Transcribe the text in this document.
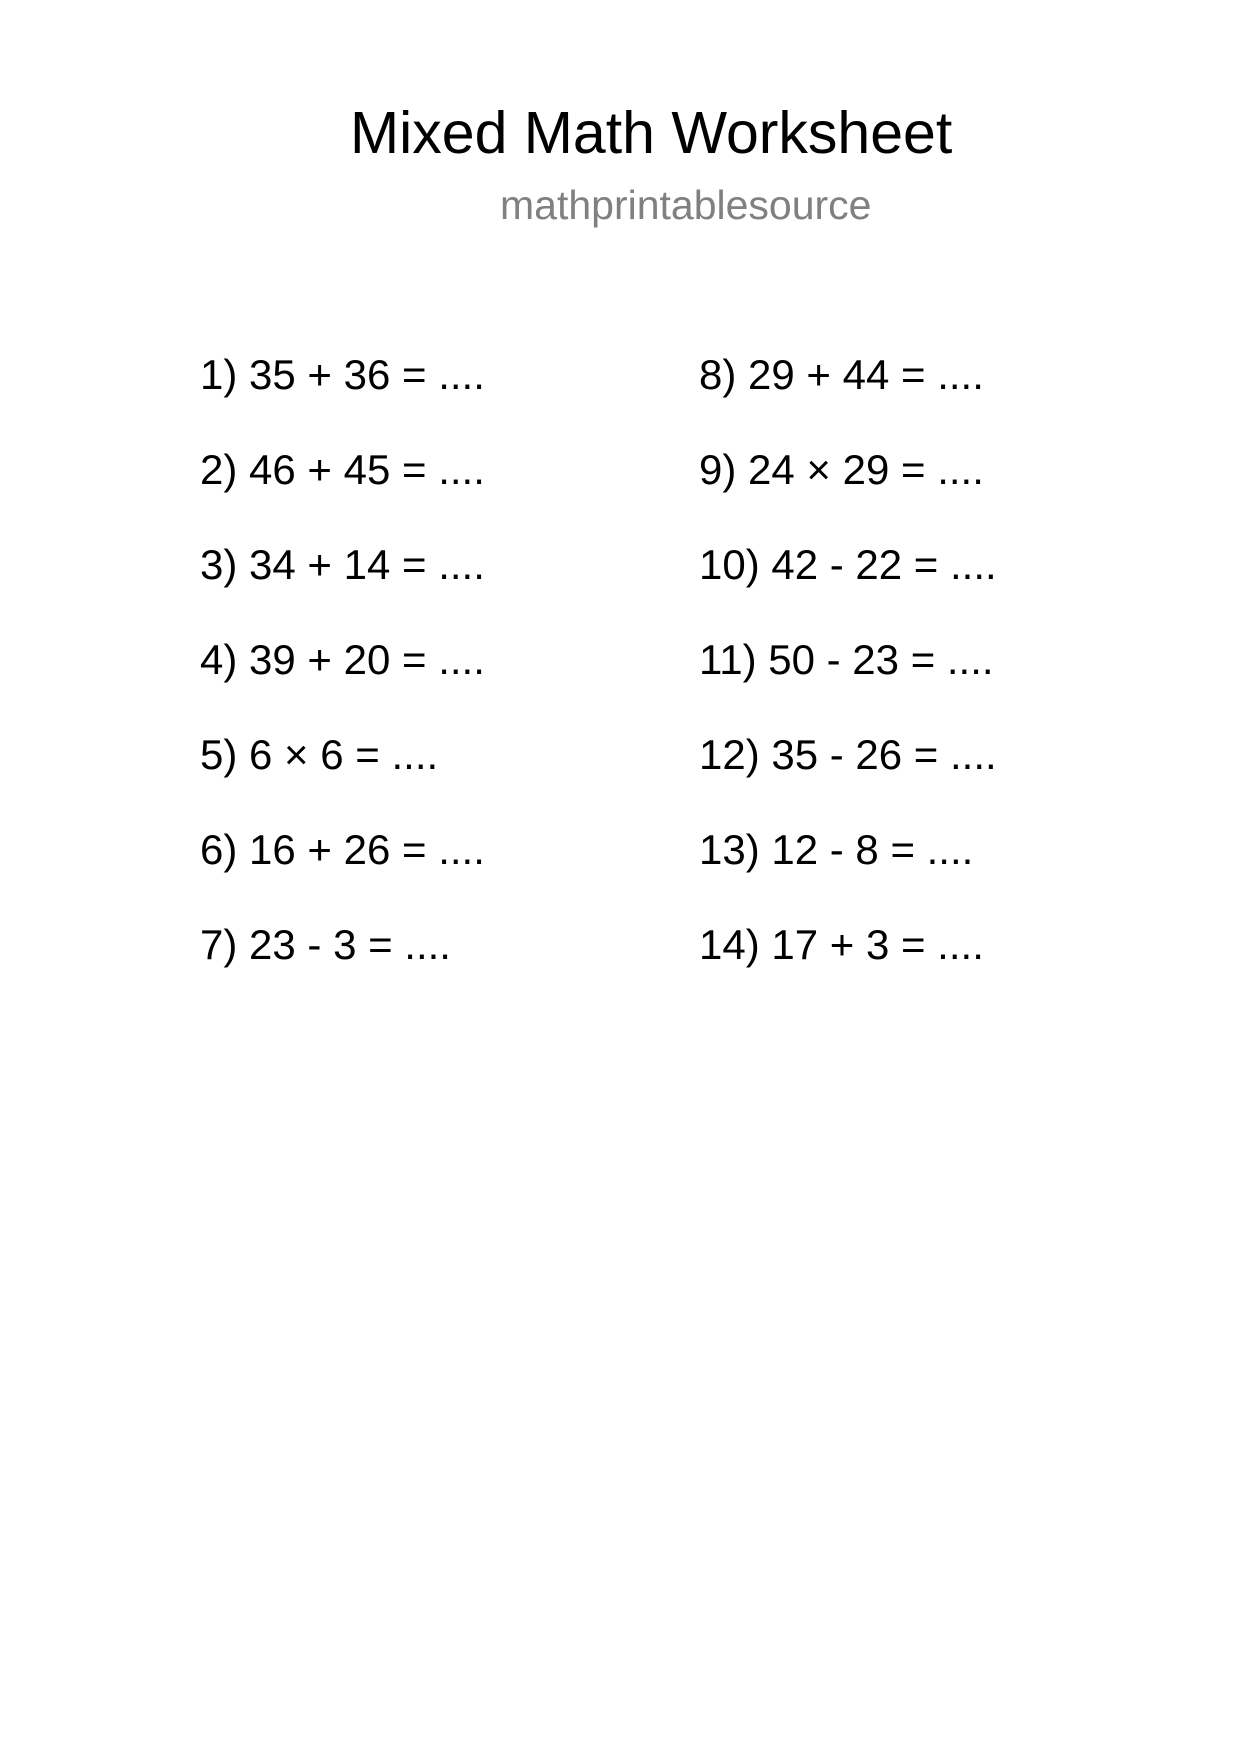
Mixed Math Worksheet
mathprintablesource
1) 35 + 36 = ....
2) 46 + 45 = ....
3) 34 + 14 = ....
4) 39 + 20 = ....
5) 6 × 6 = ....
6) 16 + 26 = ....
7) 23 - 3 = ....
8) 29 + 44 = ....
9) 24 × 29 = ....
10) 42 - 22 = ....
11) 50 - 23 = ....
12) 35 - 26 = ....
13) 12 - 8 = ....
14) 17 + 3 = ....
